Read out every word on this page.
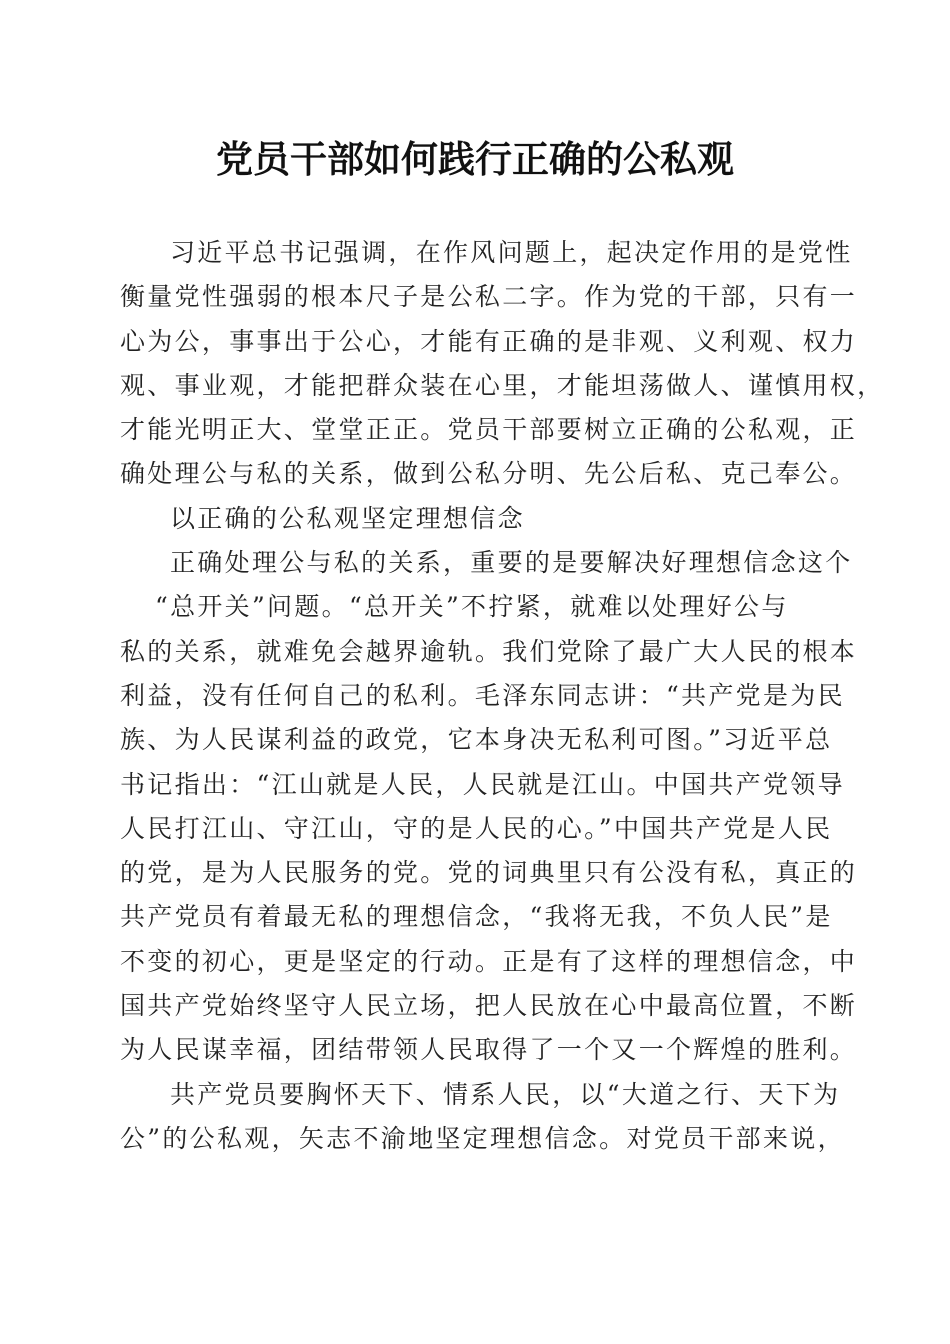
党员干部如何践行正确的公私观
习近平总书记强调，在作风问题上，起决定作用的是党性
衡量党性强弱的根本尺子是公私二字。作为党的干部，只有一
心为公，事事出于公心，才能有正确的是非观、义利观、权力
观、事业观，才能把群众装在心里，才能坦荡做人、谨慎用权，
才能光明正大、堂堂正正。党员干部要树立正确的公私观，正
确处理公与私的关系，做到公私分明、先公后私、克己奉公。
以正确的公私观坚定理想信念
正确处理公与私的关系，重要的是要解决好理想信念这个
“总开关”问题。“总开关”不拧紧，就难以处理好公与
私的关系，就难免会越界逾轨。我们党除了最广大人民的根本
利益，没有任何自己的私利。毛泽东同志讲：“共产党是为民
族、为人民谋利益的政党，它本身决无私利可图。”习近平总
书记指出：“江山就是人民，人民就是江山。中国共产党领导
人民打江山、守江山，守的是人民的心。”中国共产党是人民
的党，是为人民服务的党。党的词典里只有公没有私，真正的
共产党员有着最无私的理想信念，“我将无我，不负人民”是
不变的初心，更是坚定的行动。正是有了这样的理想信念，中
国共产党始终坚守人民立场，把人民放在心中最高位置，不断
为人民谋幸福，团结带领人民取得了一个又一个辉煌的胜利。
共产党员要胸怀天下、情系人民，以“大道之行、天下为
公”的公私观，矢志不渝地坚定理想信念。对党员干部来说，
